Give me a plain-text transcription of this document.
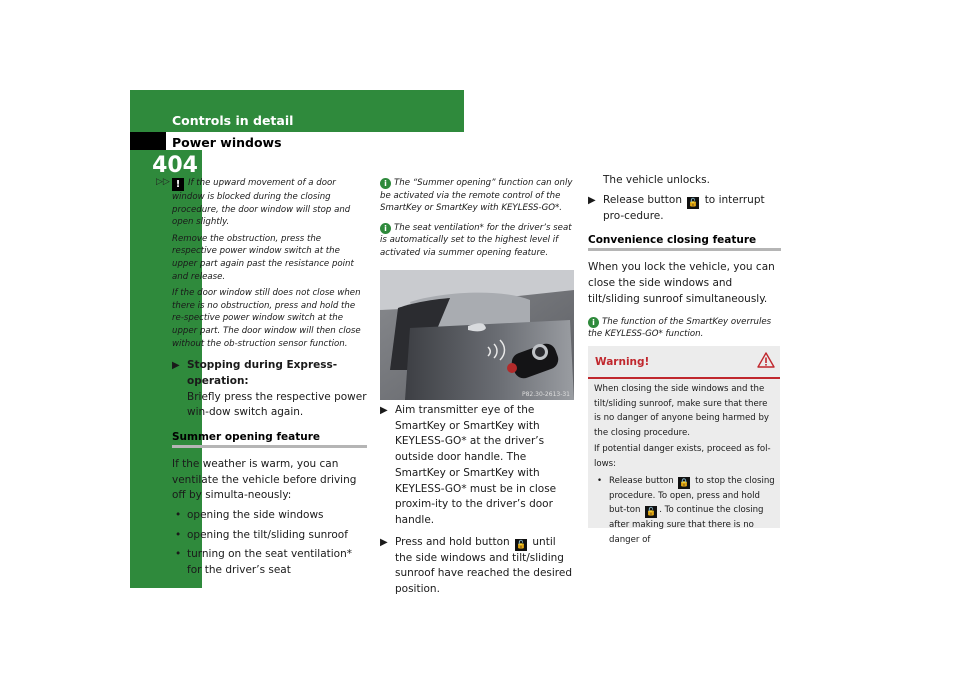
Controls in detail
Power windows
404
▷▷ ! If the upward movement of a door window is blocked during the closing procedure, the door window will stop and open slightly.

Remove the obstruction, press the respective power window switch at the upper part again past the resistance point and release.

If the door window still does not close when there is no obstruction, press and hold the re-spective power window switch at the upper part. The door window will then close without the ob-struction sensor function.

▶ Stopping during Express-operation:
Briefly press the respective power win-dow switch again.
Summer opening feature

If the weather is warm, you can ventilate the vehicle before driving off by simulta-neously:

• opening the side windows
• opening the tilt/sliding sunroof
• turning on the seat ventilation* for the driver’s seat

i The “Summer opening” function can only be activated via the remote control of the SmartKey or SmartKey with KEYLESS-GO*.

i The seat ventilation* for the driver’s seat is automatically set to the highest level if activated via summer opening feature.

P82.30-2613-31
▶ Aim transmitter eye of the SmartKey or SmartKey with KEYLESS-GO* at the driver’s outside door handle. The SmartKey or SmartKey with KEYLESS-GO* must be in close proxim-ity to the driver’s door handle.
▶ Press and hold button 🔓 until the side windows and tilt/sliding sunroof have reached the desired position.

The vehicle unlocks.

▶ Release button 🔓 to interrupt pro-cedure.
Convenience closing feature

When you lock the vehicle, you can close the side windows and tilt/sliding sunroof simultaneously.

i The function of the SmartKey overrules the KEYLESS-GO* function.

Warning!

When closing the side windows and the tilt/sliding sunroof, make sure that there is no danger of anyone being harmed by the closing procedure.

If potential danger exists, proceed as fol-lows:

• Release button 🔒 to stop the closing procedure. To open, press and hold but-ton 🔓 . To continue the closing after making sure that there is no danger of
